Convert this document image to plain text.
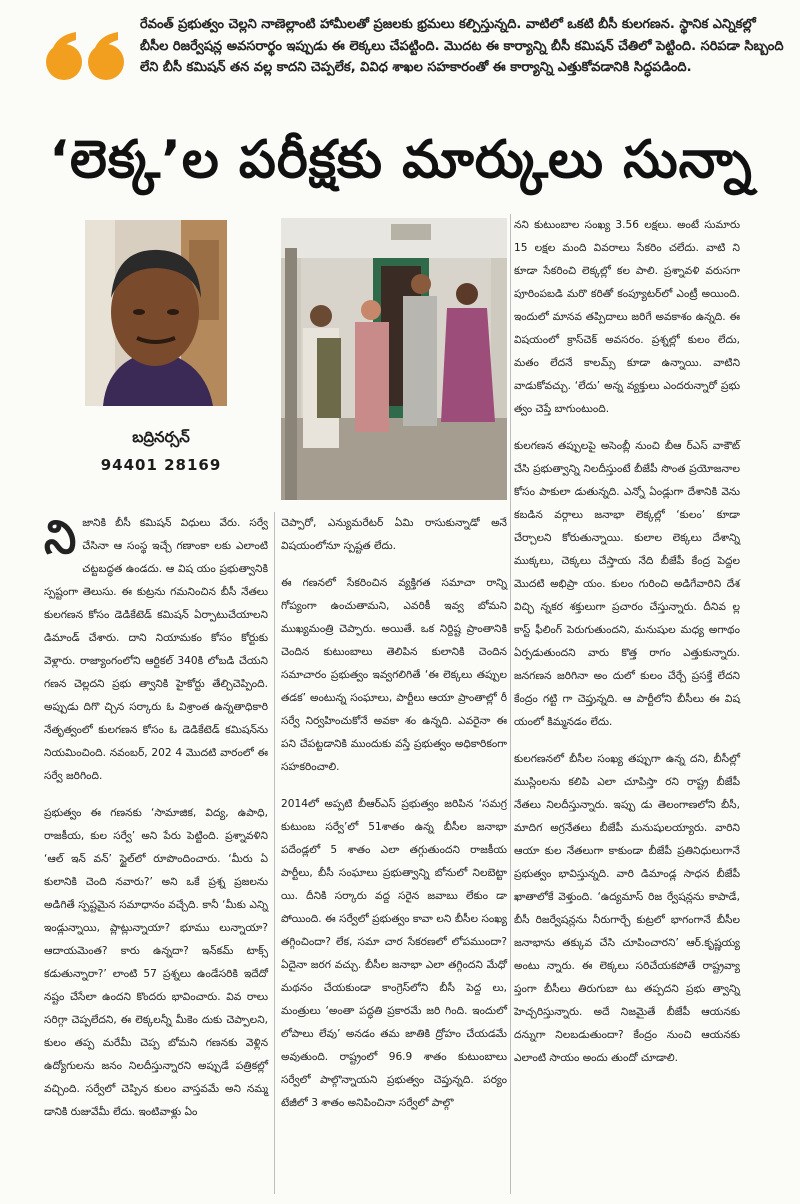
రేవంత్ ప్రభుత్వం చెల్లని నాణెల్లాంటి హామీలతో ప్రజలకు భ్రమలు కల్పిస్తున్నది. వాటిలో ఒకటి బీసీ కులగణన. స్థానిక ఎన్నికల్లో బీసీల రిజర్వేషన్ల అవసరార్థం ఇప్పుడు ఈ లెక్కలు చేపట్టింది. మొదట ఈ కార్యాన్ని బీసీ కమిషన్ చేతిలో పెట్టింది. సరిపడా సిబ్బంది లేని బీసీ కమిషన్ తన వల్ల కాదని చెప్పలేక, వివిధ శాఖల సహకారంతో ఈ కార్యాన్ని ఎత్తుకోవడానికి సిద్ధపడింది.

‘లెక్క’ల పరీక్షకు మార్కులు సున్నా
బద్రినర్సన్
94401 28169

ని జానికి బీసీ కమిషన్ విధులు వేరు. సర్వే చేసినా ఆ సంస్థ ఇచ్చే గణాంకా లకు ఎలాంటి చట్టబద్ధత ఉండదు. ఆ విష యం ప్రభుత్వానికి స్పష్టంగా తెలుసు. ఈ కుట్రను గమనించిన బీసీ నేతలు కులగణన కోసం డెడికేటెడ్ కమిషన్ ఏర్పాటుచేయాలని డిమాండ్ చేశారు. దాని నియామకం కోసం కోర్టుకు వెళ్లారు. రాజ్యాంగంలోని ఆర్టికల్ 340కి లోబడి చేయని గణన చెల్లదని ప్రభు త్వానికి హైకోర్టు తేల్చిచెప్పింది. అప్పుడు దిగొ చ్చిన సర్కారు ఓ విశ్రాంత ఉన్నతాధికారి నేతృత్వంలో కులగణన కోసం ఓ డెడికేటెడ్ కమిషన్‌ను నియమించింది. నవంబర్, 202 4 మొదటి వారంలో ఈ సర్వే జరిగింది.

ప్రభుత్వం ఈ గణనకు ‘సామాజిక, విద్య, ఉపాధి, రాజకీయ, కుల సర్వే’ అని పేరు పెట్టింది. ప్రశ్నావళిని ‘ఆల్ ఇన్ వన్’ స్టైల్‌లో రూపొందించారు. ‘మీరు ఏ కులానికి చెంది నవారు?’ అని ఒకే ప్రశ్న ప్రజలను అడిగితే స్పష్టమైన సమాధానం వచ్చేది. కానీ ‘మీకు ఎన్ని ఇండ్లున్నాయి, ప్లాట్లున్నాయా? భూము లున్నాయా? ఆదాయమెంత? కారు ఉన్నదా? ఇన్‌కమ్ టాక్స్ కడుతున్నారా?’ లాంటి 57 ప్రశ్నలు ఉండేసరికి ఇదేదో నష్టం చేసేలా ఉందని కొందరు భావించారు. వివ రాలు సరిగ్గా చెప్పలేదని, ఈ లెక్కలన్నీ మీకెం దుకు చెప్పాలని, కులం తప్ప మరేమీ చెప్ప బోమని గణనకు వెళ్లిన ఉద్యోగులను జనం నిలదీస్తున్నారని అప్పుడే పత్రికల్లో వచ్చింది. సర్వేలో చెప్పిన కులం వాస్తవమే అని నమ్మ డానికి రుజువేమీ లేదు. ఇంటివాళ్లు ఏం

చెప్పారో, ఎన్యుమరేటర్ ఏమి రాసుకున్నాడో అనే విషయంలోనూ స్పష్టత లేదు.

ఈ గణనలో సేకరించిన వ్యక్తిగత సమాచా రాన్ని గోప్యంగా ఉంచుతామని, ఎవరికీ ఇవ్వ బోమని ముఖ్యమంత్రి చెప్పారు. అయితే. ఒక నిర్దిష్ట ప్రాంతానికి చెందిన కుటుంబాలు తెలిపిన కులానికి చెందిన సమాచారం ప్రభుత్వం ఇవ్వగలిగితే ‘ఈ లెక్కలు తప్పుల తడక’ అంటున్న సంఘాలు, పార్టీలు ఆయా ప్రాంతాల్లో రీ సర్వే నిర్వహించుకోనే అవకా శం ఉన్నది. ఎవరైనా ఈ పని చేపట్టడానికి ముందుకు వస్తే ప్రభుత్వం అధికారికంగా సహకరించాలి.

2014లో అప్పటి బీఆర్ఎస్ ప్రభుత్వం జరిపిన ‘సమగ్ర కుటుంబ సర్వే’లో 51శాతం ఉన్న బీసీల జనాభా పదేండ్లలో 5 శాతం ఎలా తగ్గుతుందని రాజకీయ పార్టీలు, బీసీ సంఘాలు ప్రభుత్వాన్ని బోనులో నిలబెట్టా యి. దీనికి సర్కారు వద్ద సరైన జవాబు లేకుం డా పోయింది. ఈ సర్వేలో ప్రభుత్వం కావా లని బీసీల సంఖ్య తగ్గించిందా? లేక, సమా చార సేకరణలో లోపముందా? ఏదైనా జరగ వచ్చు. బీసీల జనాభా ఎలా తగ్గిందని మేధో మథనం చేయకుండా కాంగ్రెస్‌లోని బీసీ పెద్ద లు, మంత్రులు ‘అంతా పద్ధతి ప్రకారమే జరి గింది. ఇందులో లోపాలు లేవు’ అనడం తమ జాతికి ద్రోహం చేయడమే అవుతుంది. రాష్ట్రంలో 96.9 శాతం కుటుంబాలు సర్వేలో పాల్గొన్నాయని ప్రభుత్వం చెప్తున్నది. పర్యం టేజీలో 3 శాతం అనిపించినా సర్వేలో పాల్గొ

నని కుటుంబాల సంఖ్య 3.56 లక్షలు. అంటే సుమారు 15 లక్షల మంది వివరాలు సేకరిం చలేదు. వాటి ని కూడా సేకరించి లెక్కల్లో కల పాలి. ప్రశ్నావళి వరుసగా పూరింపబడి మరొ కరితో కంప్యూటర్‌లో ఎంట్రీ అయింది. ఇందులో మానవ తప్పిదాలు జరిగే అవకాశం ఉన్నది. ఈ విషయంలో క్రాస్‌చెక్ అవసరం. ప్రశ్నల్లో కులం లేదు, మతం లేదనే కాలమ్స్ కూడా ఉన్నాయి. వాటిని వాడుకోవచ్చు. ‘లేదు’ అన్న వ్యక్తులు ఎందరున్నారో ప్రభు త్వం చెప్తే బాగుంటుంది.

కులగణన తప్పులపై అసెంబ్లీ నుంచి బీఆ ర్ఎస్ వాకౌట్ చేసి ప్రభుత్వాన్ని నిలదీస్తుంటే బీజేపీ సొంత ప్రయోజనాల కోసం పాకులా డుతున్నది. ఎన్నో ఏండ్లుగా దేశానికి వెను కబడిన వర్గాలు జనాభా లెక్కల్లో ‘కులం’ కూడా చేర్చాలని కోరుతున్నాయి. కులాల లెక్కలు దేశాన్ని ముక్కలు, చెక్కలు చేస్తాయ నేది బీజేపీ కేంద్ర పెద్దల మొదటి అభిప్రా యం. కులం గురించి అడిగేవారిని దేశ విచ్ఛి న్నకర శక్తులుగా ప్రచారం చేస్తున్నారు. దీనివ ల్ల కాస్ట్ ఫీలింగ్ పెరుగుతుందని, మనుషుల మధ్య అగాథం ఏర్పడుతుందని వారు కొత్త రాగం ఎత్తుకున్నారు. జనగణన జరిగినా అం దులో కులం చేర్చే ప్రసక్తే లేదని కేంద్రం గట్టి గా చెప్తున్నది. ఆ పార్టీలోని బీసీలు ఈ విష యంలో కిమ్మనడం లేదు.

కులగణనలో బీసీల సంఖ్య తప్పుగా ఉన్న దని, బీసీల్లో ముస్లింలను కలిపి ఎలా చూపిస్తా రని రాష్ట్ర బీజేపీ నేతలు నిలదీస్తున్నారు. ఇప్పు డు తెలంగాణలోని బీసీ, మాదిగ అగ్రనేతలు బీజేపీ మనుషులయ్యారు. వారిని ఆయా కుల నేతలుగా కాకుండా బీజేపీ ప్రతినిధులుగానే ప్రభుత్వం భావిస్తున్నది. వారి డిమాండ్ల సాధన బీజేపీ ఖాతాలోకే వెళ్తుంది. ‘ఉద్యమాస్ రిజ ర్వేషన్లను కాపాడే, బీసీ రిజర్వేషన్లను నీరుగార్చే కుట్రలో భాగంగానే బీసీల జనాభాను తక్కువ చేసి చూపించారని’ ఆర్.కృష్ణయ్య అంటు న్నారు. ఈ లెక్కలు సరిచేయకపోతే రాష్ట్రవ్యా ప్తంగా బీసీలు తిరుగుబా టు తప్పదని ప్రభు త్వాన్ని హెచ్చరిస్తున్నారు. అదే నిజమైతే బీజేపీ ఆయనకు దన్నుగా నిలబడుతుందా? కేంద్రం నుంచి ఆయనకు ఎలాంటి సాయం అందు తుందో చూడాలి.
